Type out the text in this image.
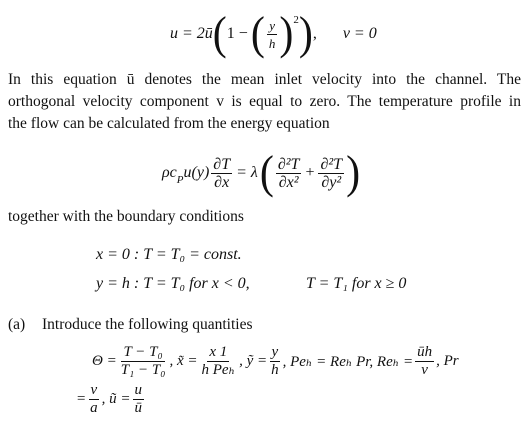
u = 2ū ( 1 − ( $\frac{y}{h} )^2$ ) , v = 0
In this equation ū denotes the mean inlet velocity into the channel. The
orthogonal velocity component v is equal to zero. The temperature profile in
the flow can be calculated from the energy equation
$\rho c_P$ $u(y) \frac{\partial T}{\partial x} = \lambda$ ( $\frac{\text{∂²T}}{\text{∂x²}} + \frac{\text{∂²T}}{\text{∂y²}}$ )
together with the boundary conditions
x = 0 : T = T₀ = const.
y = h : T = T₀ for x < 0,	T = T₁ for x ≥ 0
(a) Introduce the following quantities
$\Theta = \frac{\text{T − T₀}}{\text{T₁ − T₀}}$ , x̃ = $\frac{x 1}{\text{h Peₕ}}$ , ỹ = $\frac{y}{h}$ , Peₕ = Reₕ Pr, $Re_h = \frac{ūh}{\nu}$ , Pr
= $\frac{\nu}{a}$ , ũ = $\frac{u}{ū}$
